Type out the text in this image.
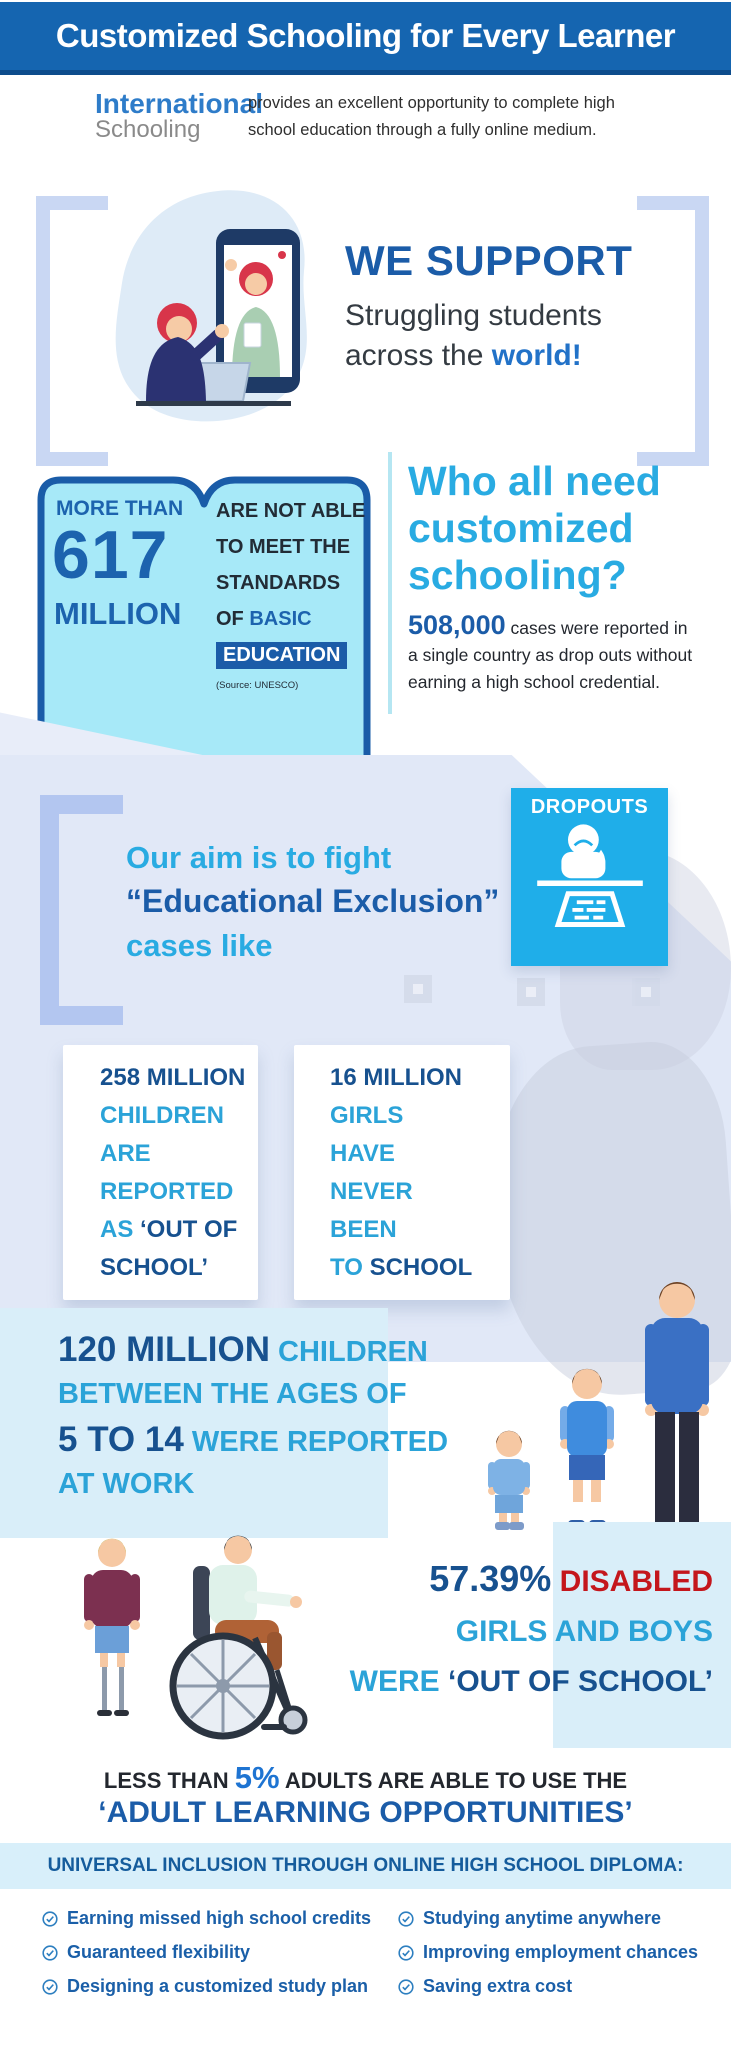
Customized Schooling for Every Learner
International
Schooling
provides an excellent opportunity to complete high
school education through a fully online medium.
WE SUPPORT
Struggling students
across the world!
MORE THAN
617
MILLION
ARE NOT ABLE
TO MEET THE
STANDARDS
OF BASIC
EDUCATION
(Source: UNESCO)
Who all need
customized
schooling?
508,000 cases were reported in
a single country as drop outs without
earning a high school credential.
Our aim is to fight
“Educational Exclusion”
cases like
DROPOUTS
258 MILLION
CHILDREN
ARE
REPORTED
AS ‘OUT OF
SCHOOL’
16 MILLION
GIRLS
HAVE
NEVER
BEEN
TO SCHOOL
120 MILLION CHILDREN
BETWEEN THE AGES OF
5 TO 14 WERE REPORTED
AT WORK
57.39% DISABLED
GIRLS AND BOYS
WERE ‘OUT OF SCHOOL’
LESS THAN 5% ADULTS ARE ABLE TO USE THE
‘ADULT LEARNING OPPORTUNITIES’
UNIVERSAL INCLUSION THROUGH ONLINE HIGH SCHOOL DIPLOMA:
Earning missed high school credits
Guaranteed flexibility
Designing a customized study plan
Studying anytime anywhere
Improving employment chances
Saving extra cost
